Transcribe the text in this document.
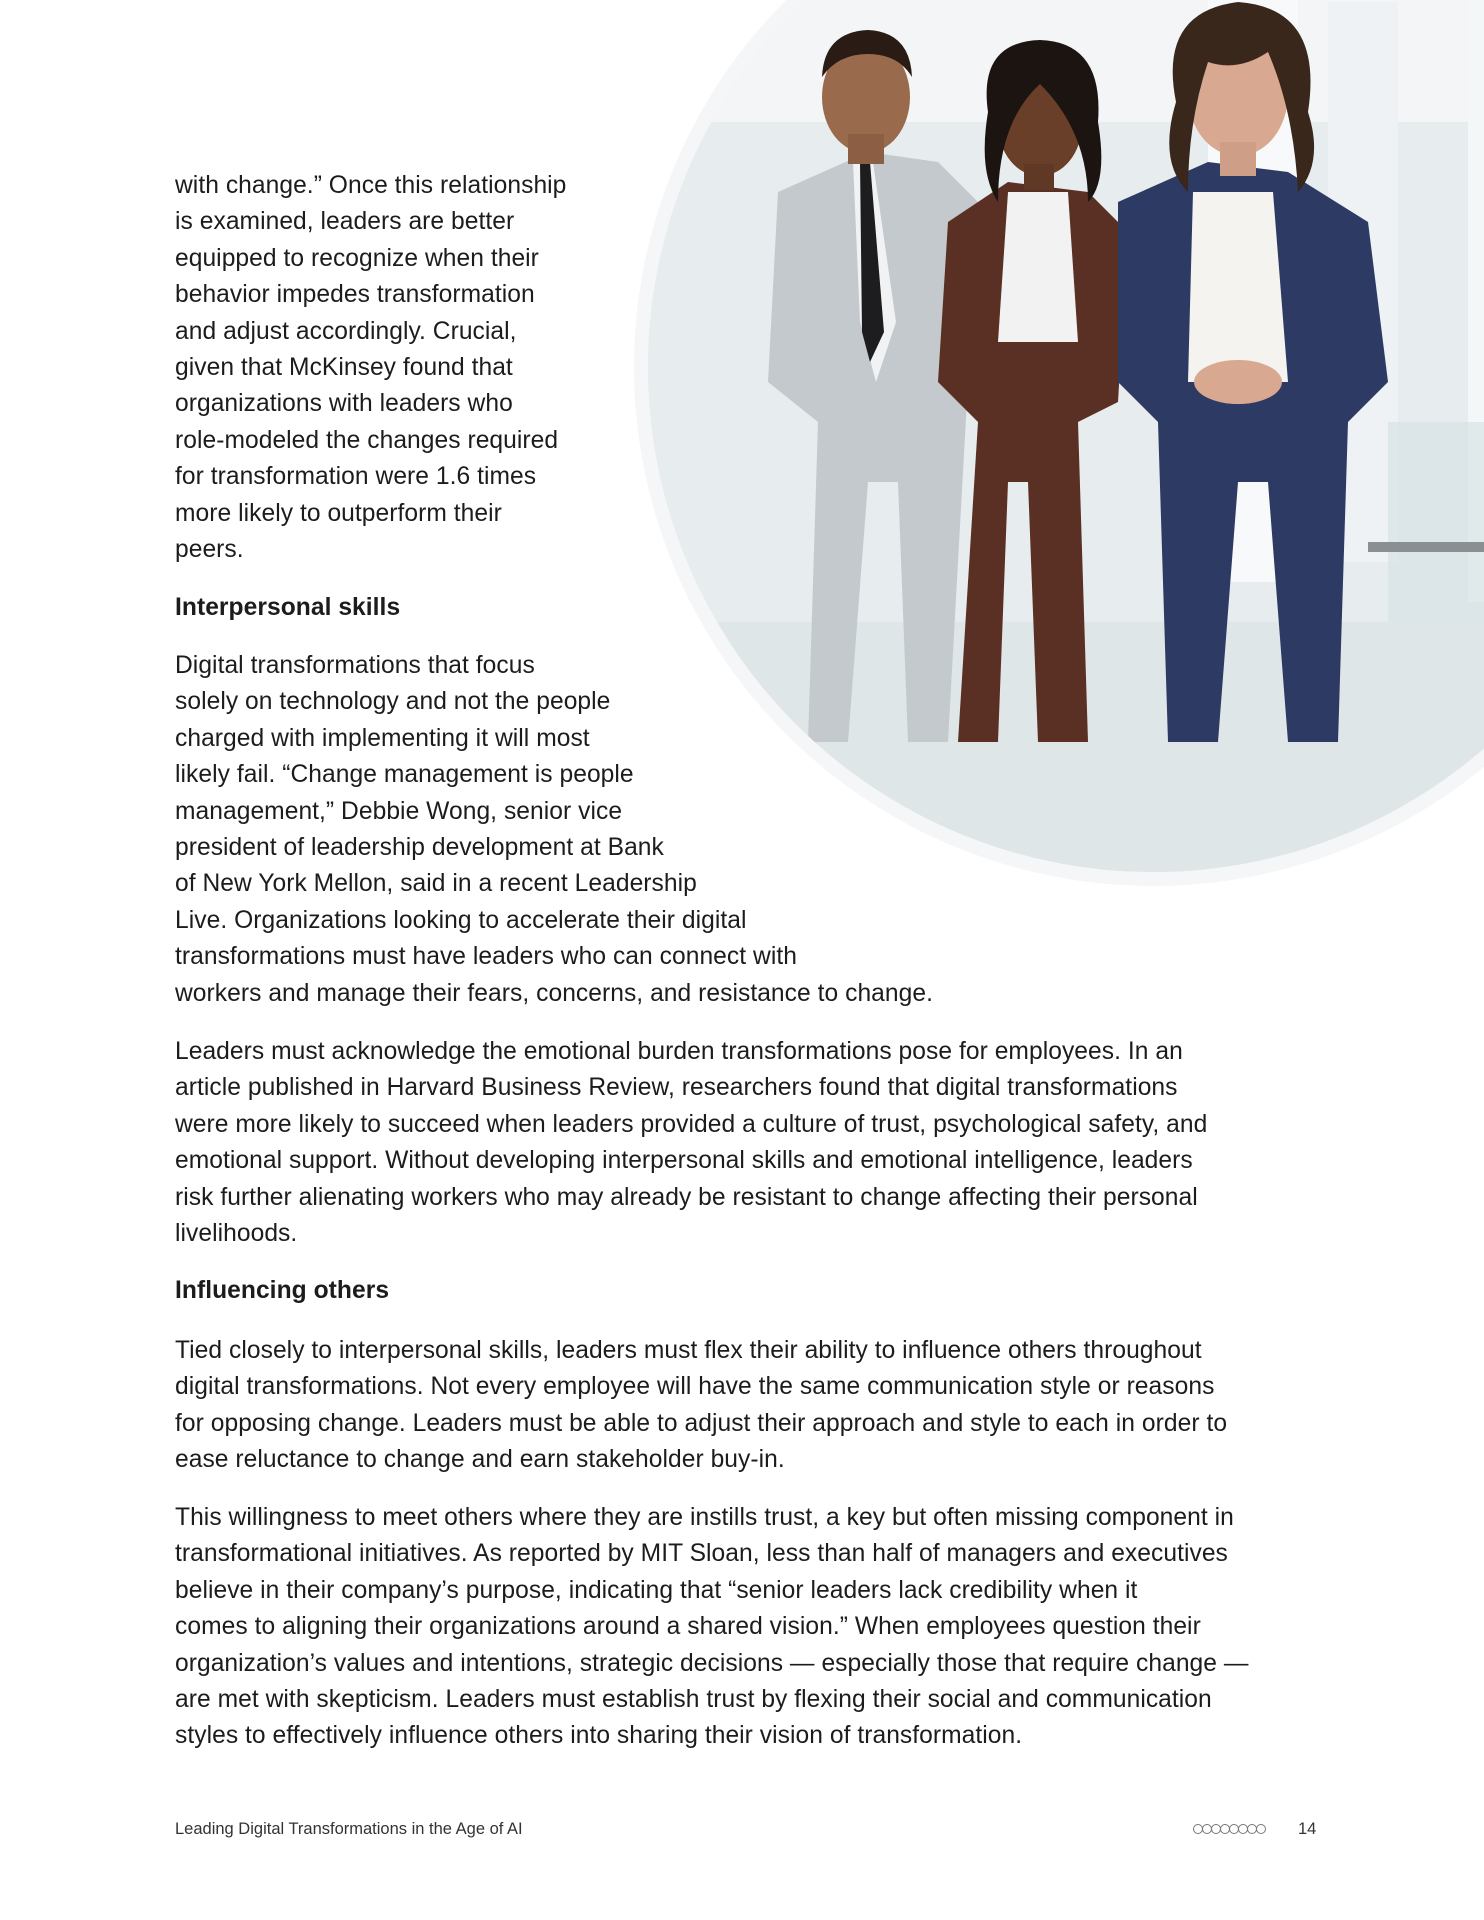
with change.” Once this relationship
is examined, leaders are better
equipped to recognize when their
behavior impedes transformation
and adjust accordingly. Crucial,
given that McKinsey found that
organizations with leaders who
role-modeled the changes required
for transformation were 1.6 times
more likely to outperform their
peers.

Interpersonal skills

Digital transformations that focus
solely on technology and not the people
charged with implementing it will most
likely fail. “Change management is people
management,” Debbie Wong, senior vice
president of leadership development at Bank
of New York Mellon, said in a recent Leadership
Live. Organizations looking to accelerate their digital
transformations must have leaders who can connect with
workers and manage their fears, concerns, and resistance to change.

Leaders must acknowledge the emotional burden transformations pose for employees. In an
article published in Harvard Business Review, researchers found that digital transformations
were more likely to succeed when leaders provided a culture of trust, psychological safety, and
emotional support. Without developing interpersonal skills and emotional intelligence, leaders
risk further alienating workers who may already be resistant to change affecting their personal
livelihoods.

Influencing others

Tied closely to interpersonal skills, leaders must flex their ability to influence others throughout
digital transformations. Not every employee will have the same communication style or reasons
for opposing change. Leaders must be able to adjust their approach and style to each in order to
ease reluctance to change and earn stakeholder buy-in.

This willingness to meet others where they are instills trust, a key but often missing component in
transformational initiatives. As reported by MIT Sloan, less than half of managers and executives
believe in their company’s purpose, indicating that “senior leaders lack credibility when it
comes to aligning their organizations around a shared vision.” When employees question their
organization’s values and intentions, strategic decisions — especially those that require change —
are met with skepticism. Leaders must establish trust by flexing their social and communication
styles to effectively influence others into sharing their vision of transformation.

Leading Digital Transformations in the Age of AI	14
